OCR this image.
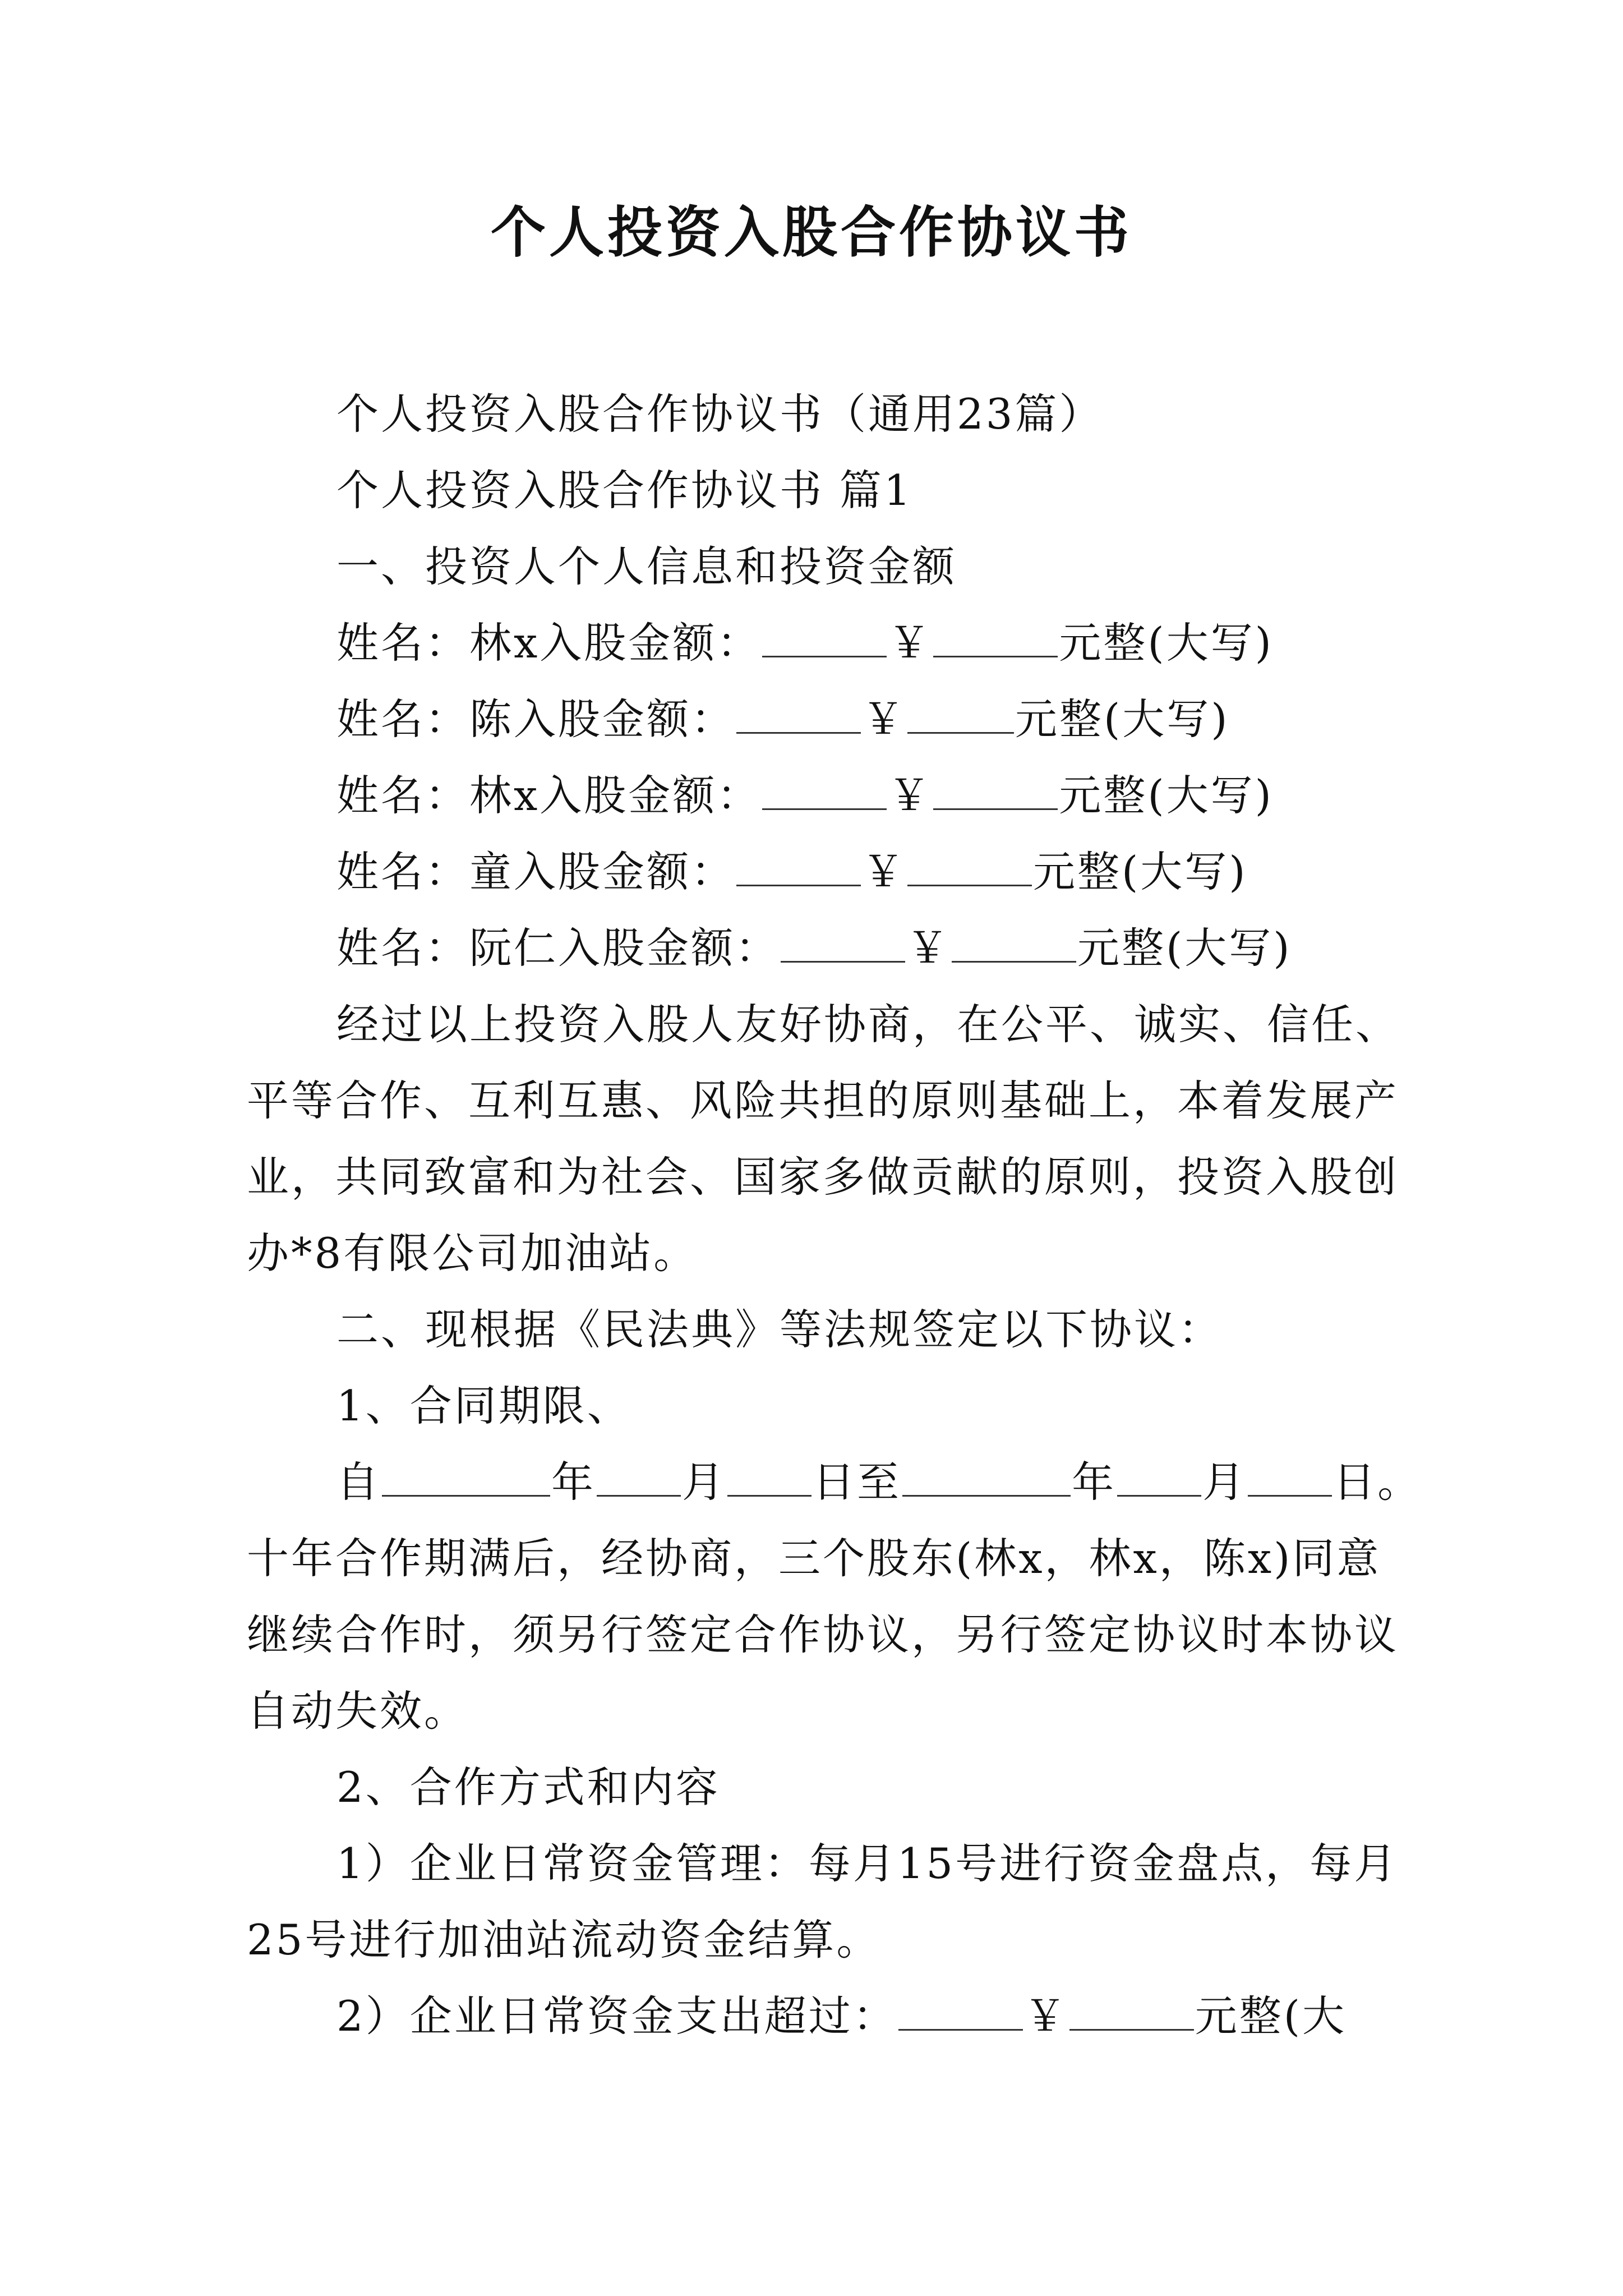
个人投资入股合作协议书
个人投资入股合作协议书（通用23篇）
个人投资入股合作协议书 篇1
一、投资人个人信息和投资金额
姓名：林x入股金额：	￥	元整(大写)
姓名：陈入股金额：	￥	元整(大写)
姓名：林x入股金额：	￥	元整(大写)
姓名：童入股金额：	￥	元整(大写)
姓名：阮仁入股金额：	￥	元整(大写)
经过以上投资入股人友好协商，在公平、诚实、信任、
平等合作、互利互惠、风险共担的原则基础上，本着发展产
业，共同致富和为社会、国家多做贡献的原则，投资入股创
办*8有限公司加油站。
二、现根据《民法典》等法规签定以下协议：
1、合同期限、
自	年 月 日至	年 月 日。
十年合作期满后，经协商，三个股东(林x，林x，陈x)同意
继续合作时，须另行签定合作协议，另行签定协议时本协议
自动失效。
2、合作方式和内容
1）企业日常资金管理：每月15号进行资金盘点，每月
25号进行加油站流动资金结算。
2）企业日常资金支出超过：	￥	元整(大
